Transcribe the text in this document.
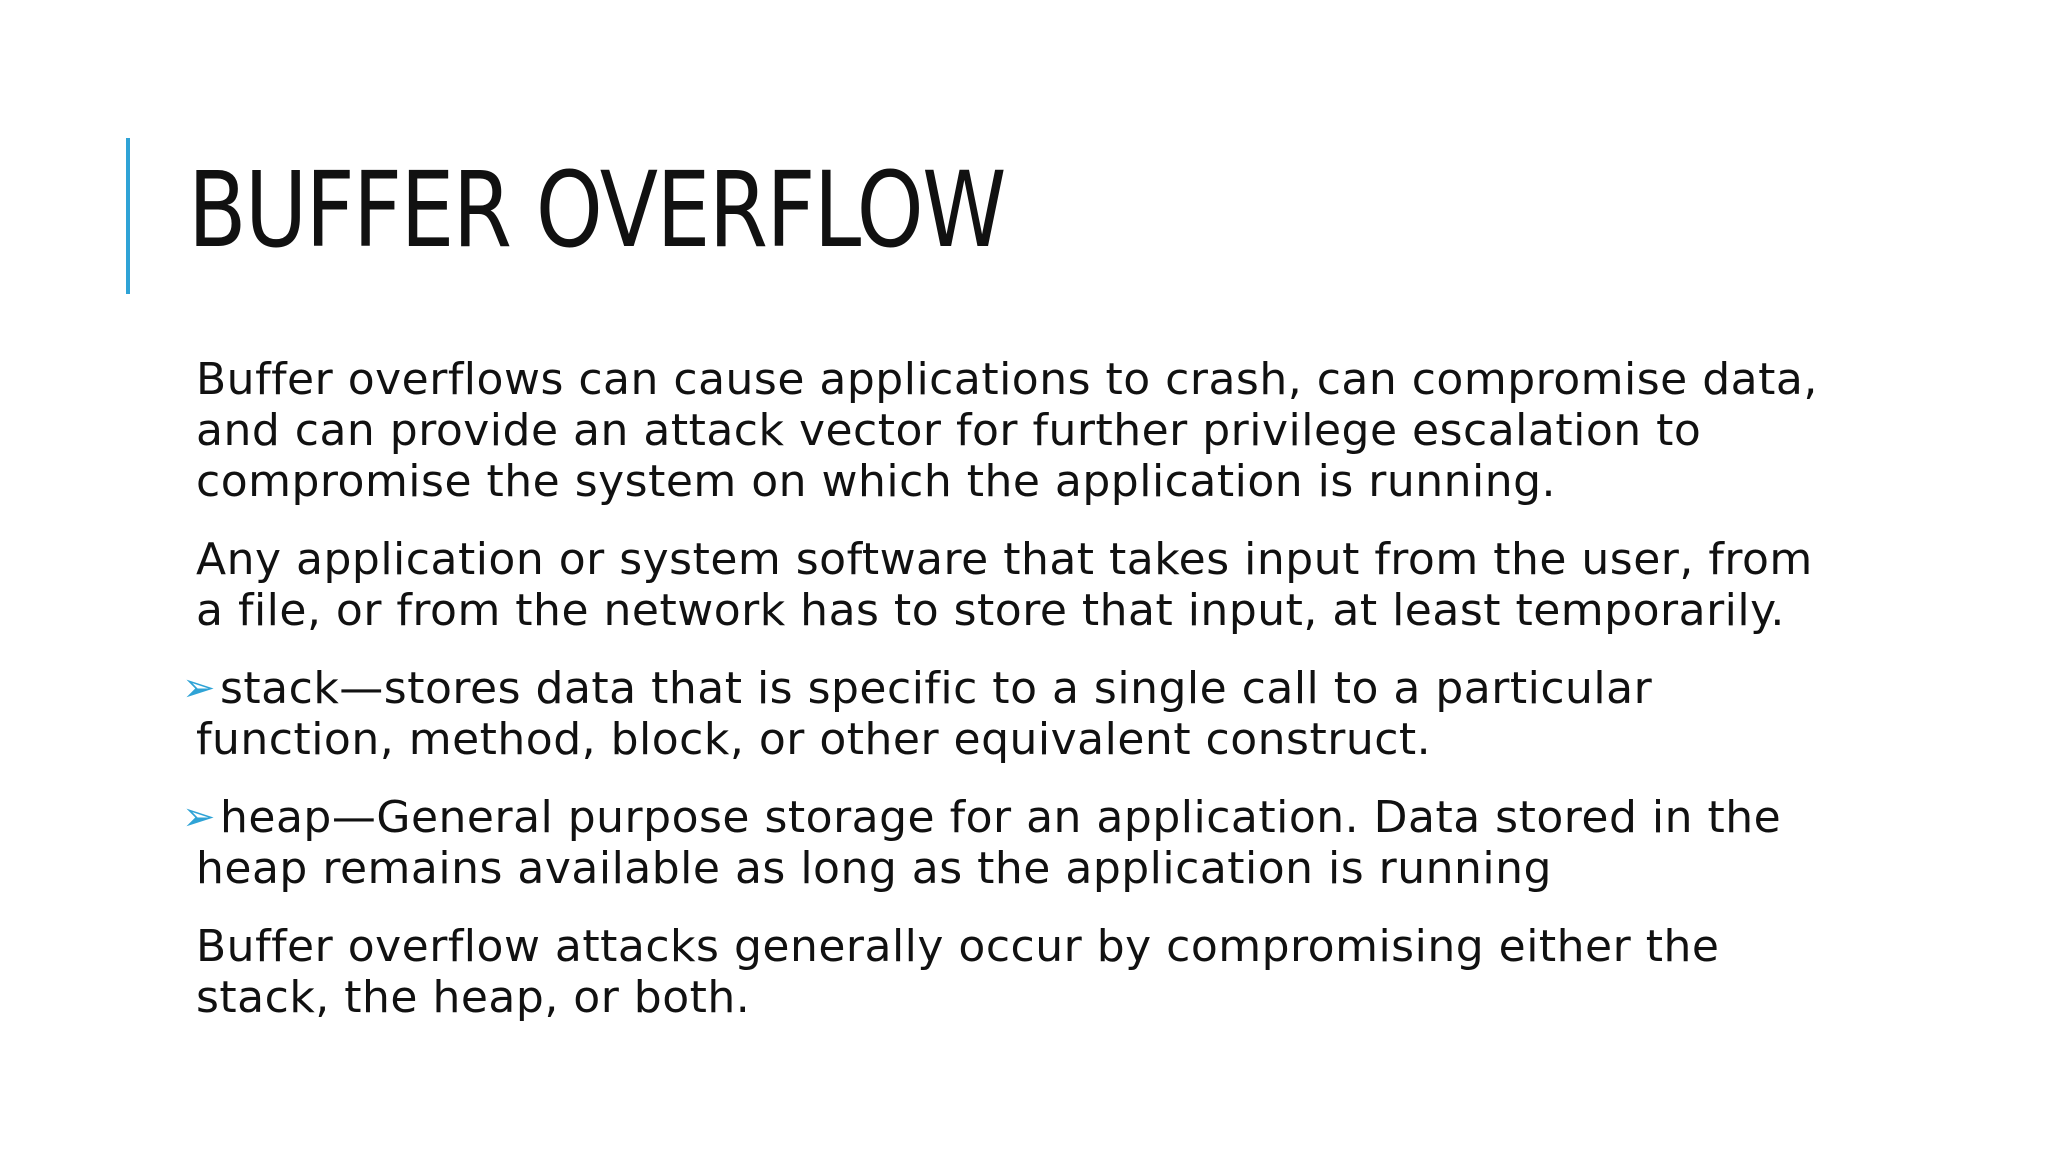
BUFFER OVERFLOW

Buffer overflows can cause applications to crash, can compromise data, and can provide an attack vector for further privilege escalation to compromise the system on which the application is running.

Any application or system software that takes input from the user, from a file, or from the network has to store that input, at least temporarily.

➢ stack—stores data that is specific to a single call to a particular function, method, block, or other equivalent construct.

➢ heap—General purpose storage for an application. Data stored in the heap remains available as long as the application is running

Buffer overflow attacks generally occur by compromising either the stack, the heap, or both.
